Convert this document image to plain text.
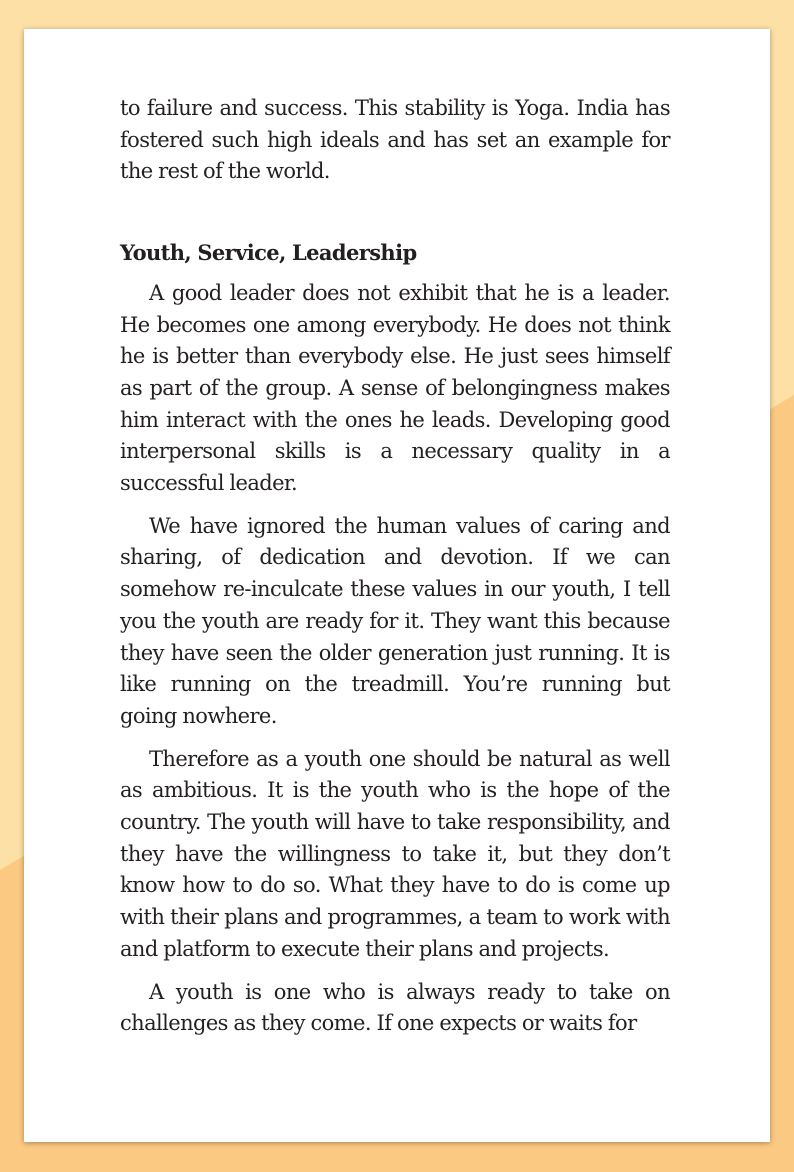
to failure and success. This stability is Yoga. India has fostered such high ideals and has set an example for the rest of the world.

Youth, Service, Leadership

A good leader does not exhibit that he is a leader. He becomes one among everybody. He does not think he is better than everybody else. He just sees himself as part of the group. A sense of belongingness makes him interact with the ones he leads. Developing good interpersonal skills is a necessary quality in a successful leader.

We have ignored the human values of caring and sharing, of dedication and devotion. If we can somehow re-inculcate these values in our youth, I tell you the youth are ready for it. They want this because they have seen the older generation just running. It is like running on the treadmill. You’re running but going nowhere.

Therefore as a youth one should be natural as well as ambitious. It is the youth who is the hope of the country. The youth will have to take responsibility, and they have the willingness to take it, but they don’t know how to do so. What they have to do is come up with their plans and programmes, a team to work with and platform to execute their plans and projects.

A youth is one who is always ready to take on challenges as they come. If one expects or waits for
